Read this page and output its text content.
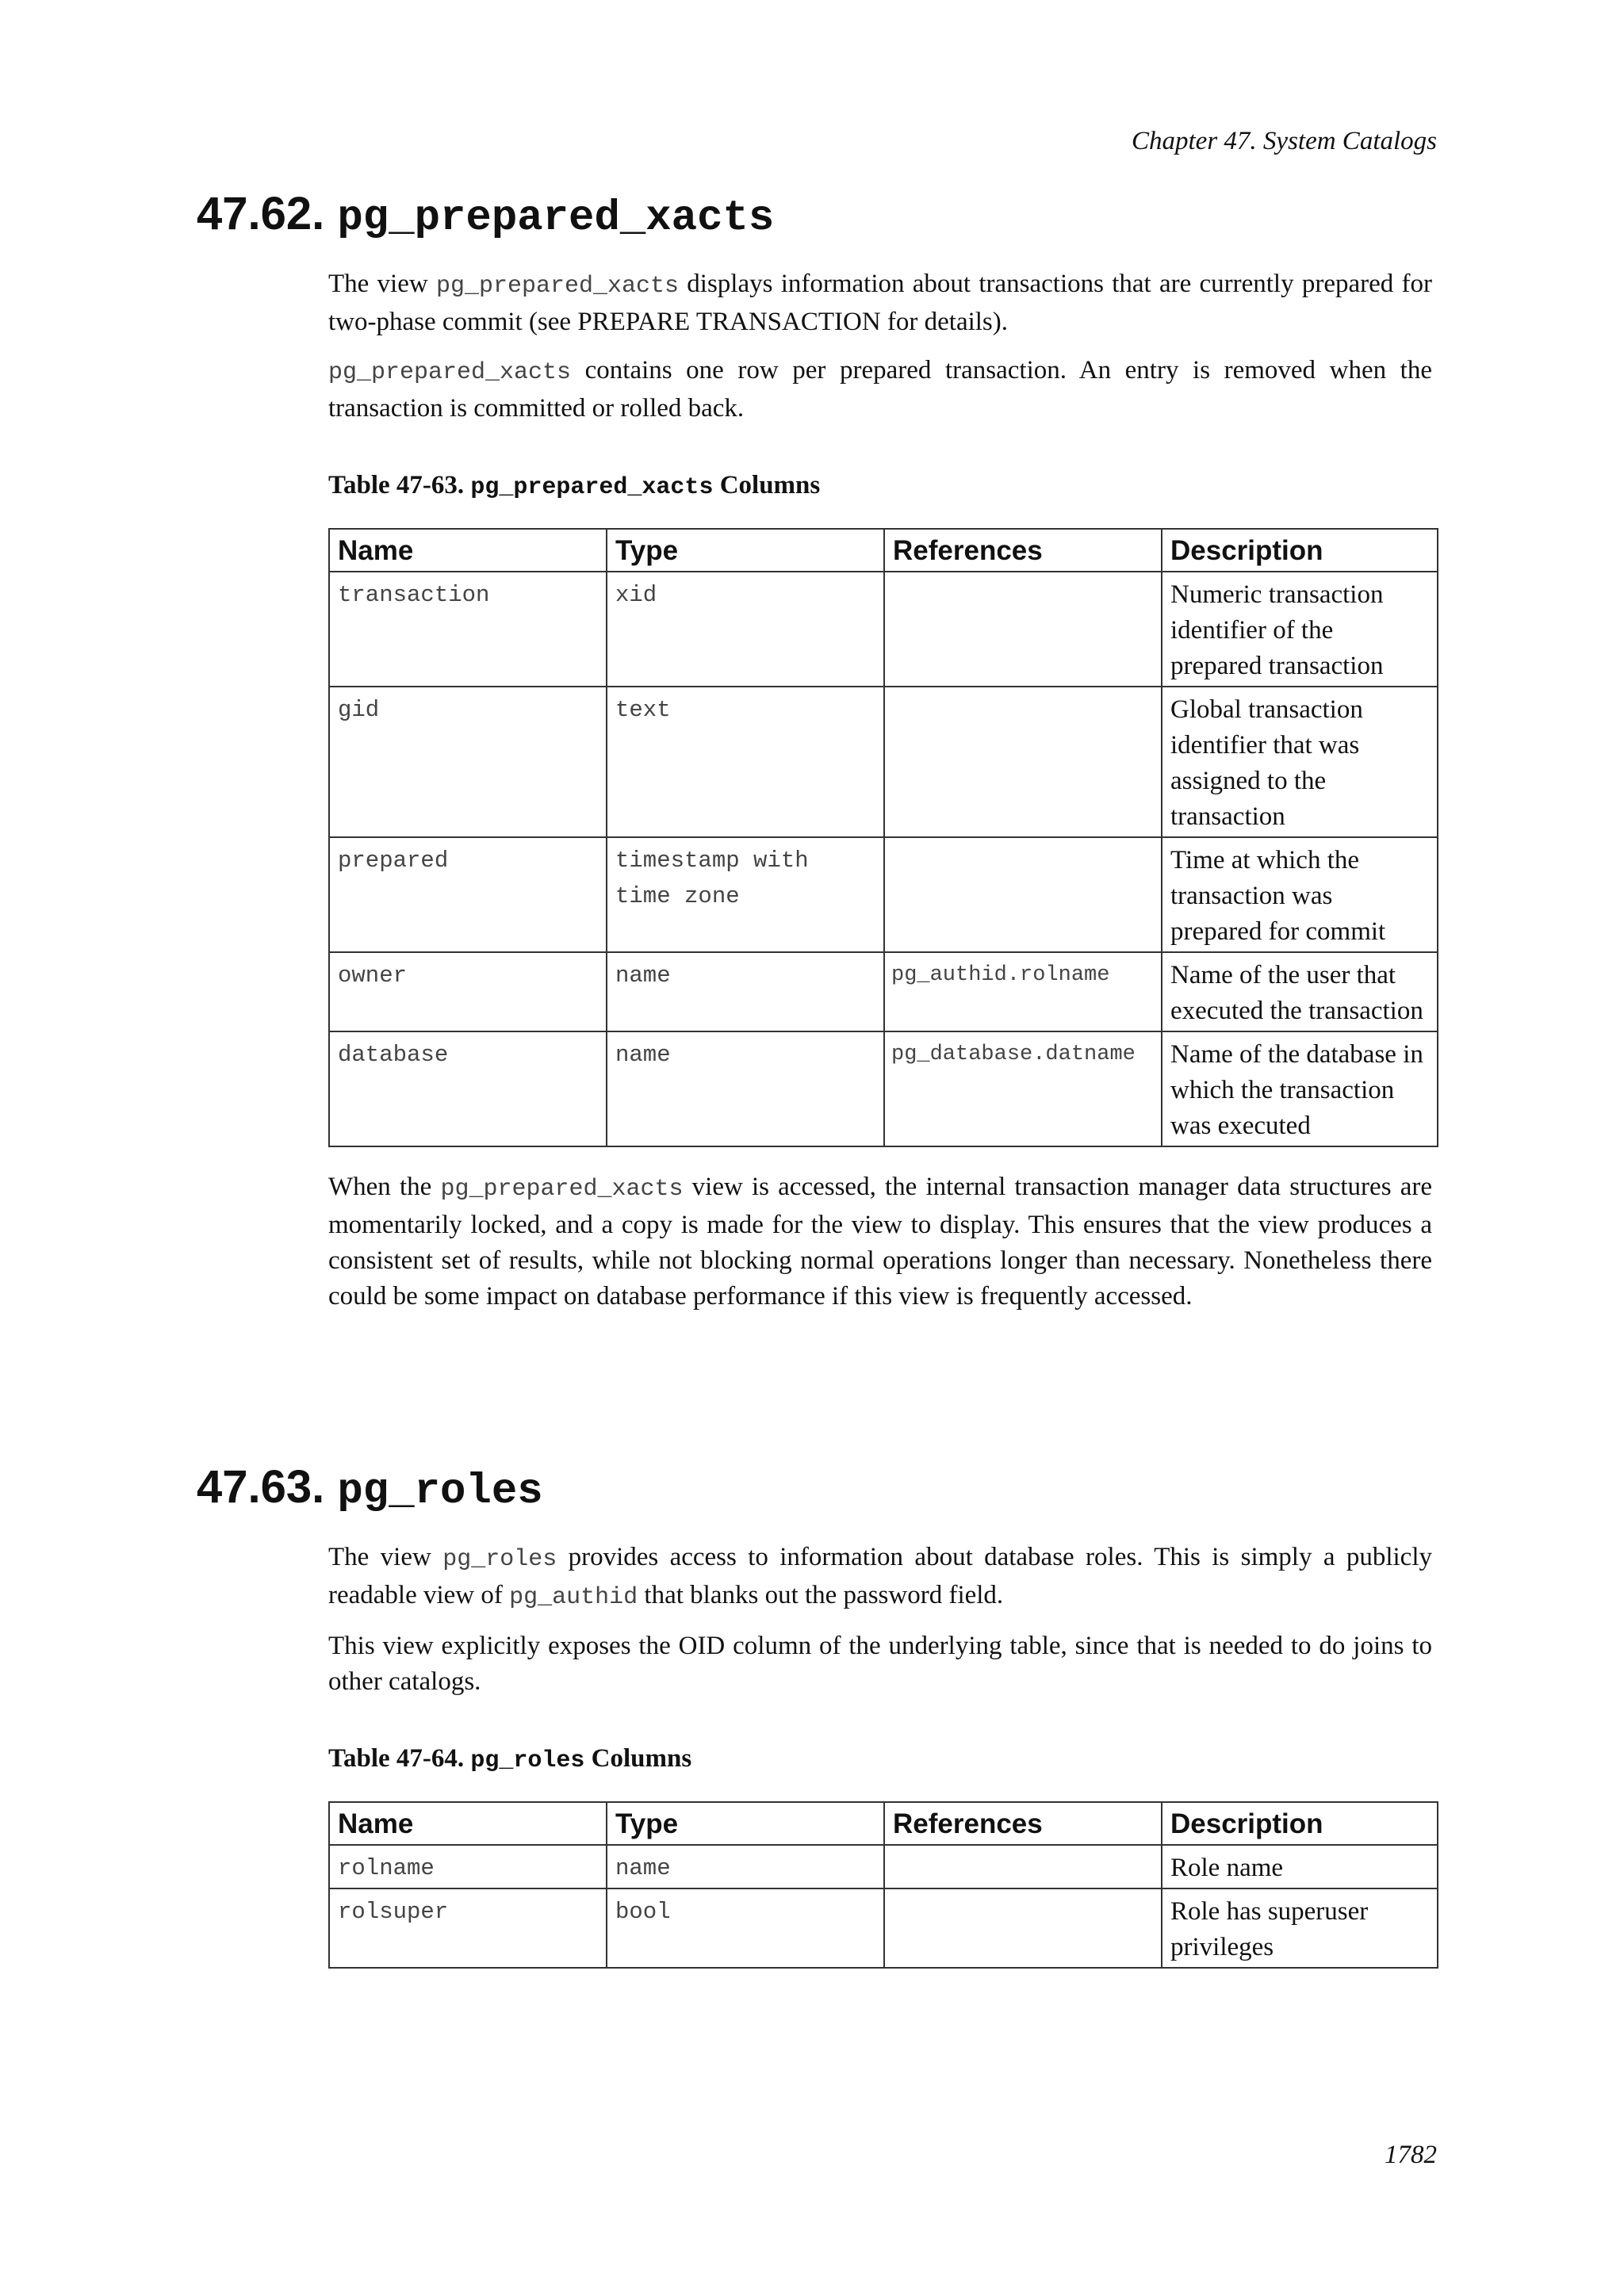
Chapter 47. System Catalogs
47.62. pg_prepared_xacts

The view pg_prepared_xacts displays information about transactions that are currently prepared for two-phase commit (see PREPARE TRANSACTION for details).

pg_prepared_xacts contains one row per prepared transaction. An entry is removed when the transaction is committed or rolled back.

Table 47-63. pg_prepared_xacts Columns
Name	Type	References	Description
transaction	xid		Numeric transaction identifier of the prepared transaction
gid	text		Global transaction identifier that was assigned to the transaction
prepared	timestamp with time zone		Time at which the transaction was prepared for commit
owner	name	pg_authid.rolname	Name of the user that executed the transaction
database	name	pg_database.datname	Name of the database in which the transaction was executed

When the pg_prepared_xacts view is accessed, the internal transaction manager data structures are momentarily locked, and a copy is made for the view to display. This ensures that the view produces a consistent set of results, while not blocking normal operations longer than necessary. Nonetheless there could be some impact on database performance if this view is frequently accessed.

47.63. pg_roles

The view pg_roles provides access to information about database roles. This is simply a publicly readable view of pg_authid that blanks out the password field.

This view explicitly exposes the OID column of the underlying table, since that is needed to do joins to other catalogs.

Table 47-64. pg_roles Columns
Name	Type	References	Description
rolname	name		Role name
rolsuper	bool		Role has superuser privileges
1782
